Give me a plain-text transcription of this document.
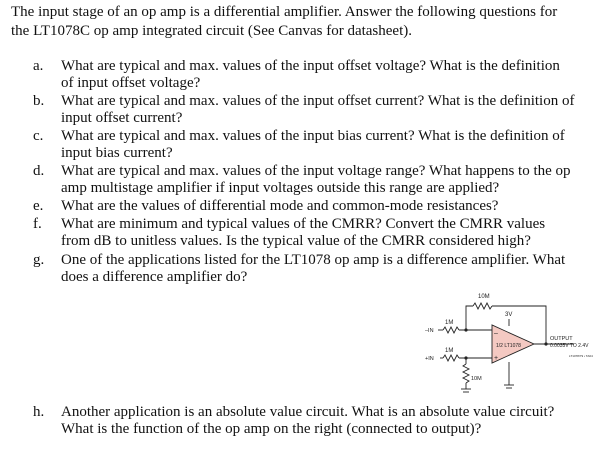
The input stage of an op amp is a differential amplifier. Answer the following questions for
the LT1078C op amp integrated circuit (See Canvas for datasheet).
a.	What are typical and max. values of the input offset voltage? What is the definition
of input offset voltage?
b.	What are typical and max. values of the input offset current? What is the definition of
input offset current?
c.	What are typical and max. values of the input bias current? What is the definition of
input bias current?
d.	What are typical and max. values of the input voltage range? What happens to the op
amp multistage amplifier if input voltages outside this range are applied?
e.	What are the values of differential mode and common-mode resistances?
f.	What are minimum and typical values of the CMRR? Convert the CMRR values
from dB to unitless values. Is the typical value of the CMRR considered high?
g.	One of the applications listed for the LT1078 op amp is a difference amplifier. What
does a difference amplifier do?
h.	Another application is an absolute value circuit. What is an absolute value circuit?
What is the function of the op amp on the right (connected to output)?
10M
3V
1M
–IN	–
1/2 LT1078
1M
+IN	+
10M
OUTPUT
0.0035V TO 2.4V
LT1078/79 • TA04
